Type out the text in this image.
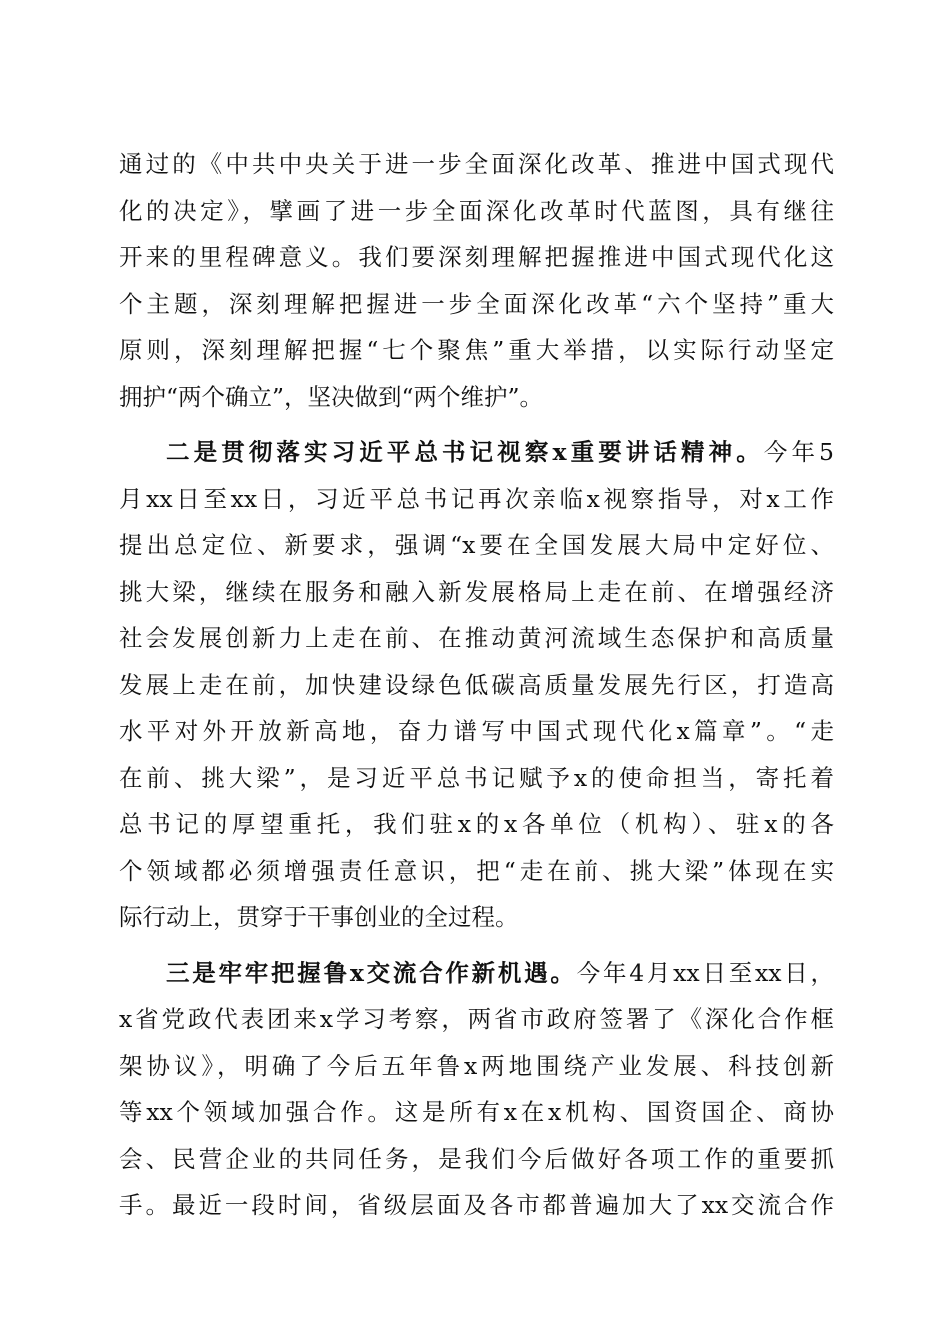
通过的《中共中央关于进一步全面深化改革、推进中国式现代
化的决定》，擘画了进一步全面深化改革时代蓝图，具有继往
开来的里程碑意义。我们要深刻理解把握推进中国式现代化这
个主题，深刻理解把握进一步全面深化改革“六个坚持”重大
原则，深刻理解把握“七个聚焦”重大举措，以实际行动坚定
拥护“两个确立”，坚决做到“两个维护”。
二是贯彻落实习近平总书记视察x重要讲话精神。今年5
月xx日至xx日，习近平总书记再次亲临x视察指导，对x工作
提出总定位、新要求，强调“x要在全国发展大局中定好位、
挑大梁，继续在服务和融入新发展格局上走在前、在增强经济
社会发展创新力上走在前、在推动黄河流域生态保护和高质量
发展上走在前，加快建设绿色低碳高质量发展先行区，打造高
水平对外开放新高地，奋力谱写中国式现代化x篇章”。“走
在前、挑大梁”，是习近平总书记赋予x的使命担当，寄托着
总书记的厚望重托，我们驻x的x各单位（机构）、驻x的各
个领域都必须增强责任意识，把“走在前、挑大梁”体现在实
际行动上，贯穿于干事创业的全过程。
三是牢牢把握鲁x交流合作新机遇。今年4月xx日至xx日，
x省党政代表团来x学习考察，两省市政府签署了《深化合作框
架协议》，明确了今后五年鲁x两地围绕产业发展、科技创新
等xx个领域加强合作。这是所有x在x机构、国资国企、商协
会、民营企业的共同任务，是我们今后做好各项工作的重要抓
手。最近一段时间，省级层面及各市都普遍加大了xx交流合作
